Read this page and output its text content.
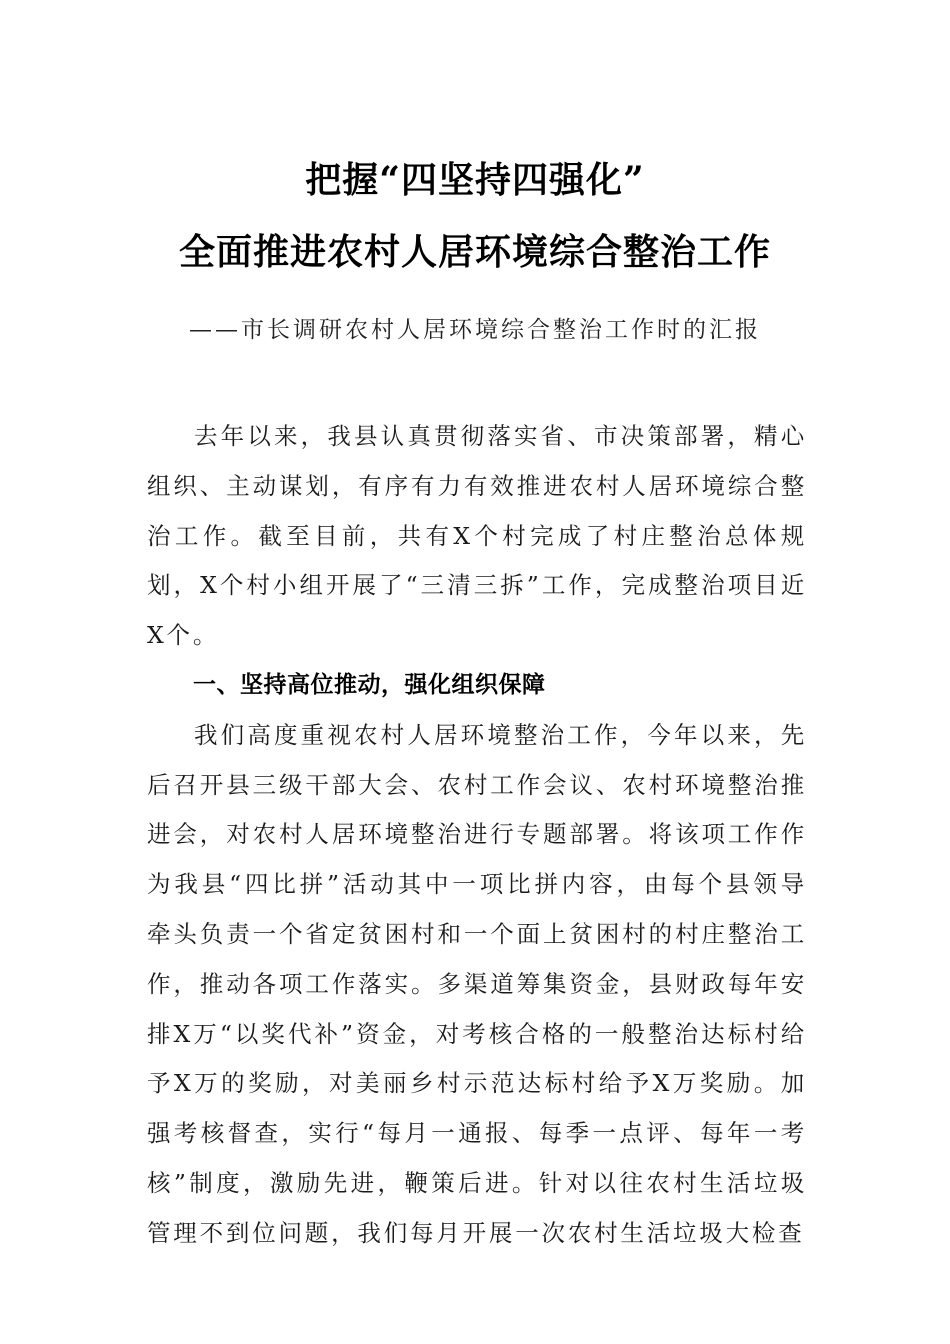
把握“四坚持四强化”
全面推进农村人居环境综合整治工作
——市长调研农村人居环境综合整治工作时的汇报

去年以来，我县认真贯彻落实省、市决策部署，精心组织、主动谋划，有序有力有效推进农村人居环境综合整治工作。截至目前，共有X个村完成了村庄整治总体规划，X个村小组开展了“三清三拆”工作，完成整治项目近X个。

一、坚持高位推动，强化组织保障

我们高度重视农村人居环境整治工作，今年以来，先后召开县三级干部大会、农村工作会议、农村环境整治推进会，对农村人居环境整治进行专题部署。将该项工作作为我县“四比拼”活动其中一项比拼内容，由每个县领导牵头负责一个省定贫困村和一个面上贫困村的村庄整治工作，推动各项工作落实。多渠道筹集资金，县财政每年安排X万“以奖代补”资金，对考核合格的一般整治达标村给予X万的奖励，对美丽乡村示范达标村给予X万奖励。加强考核督查，实行“每月一通报、每季一点评、每年一考核”制度，激励先进，鞭策后进。针对以往农村生活垃圾管理不到位问题，我们每月开展一次农村生活垃圾大检查
